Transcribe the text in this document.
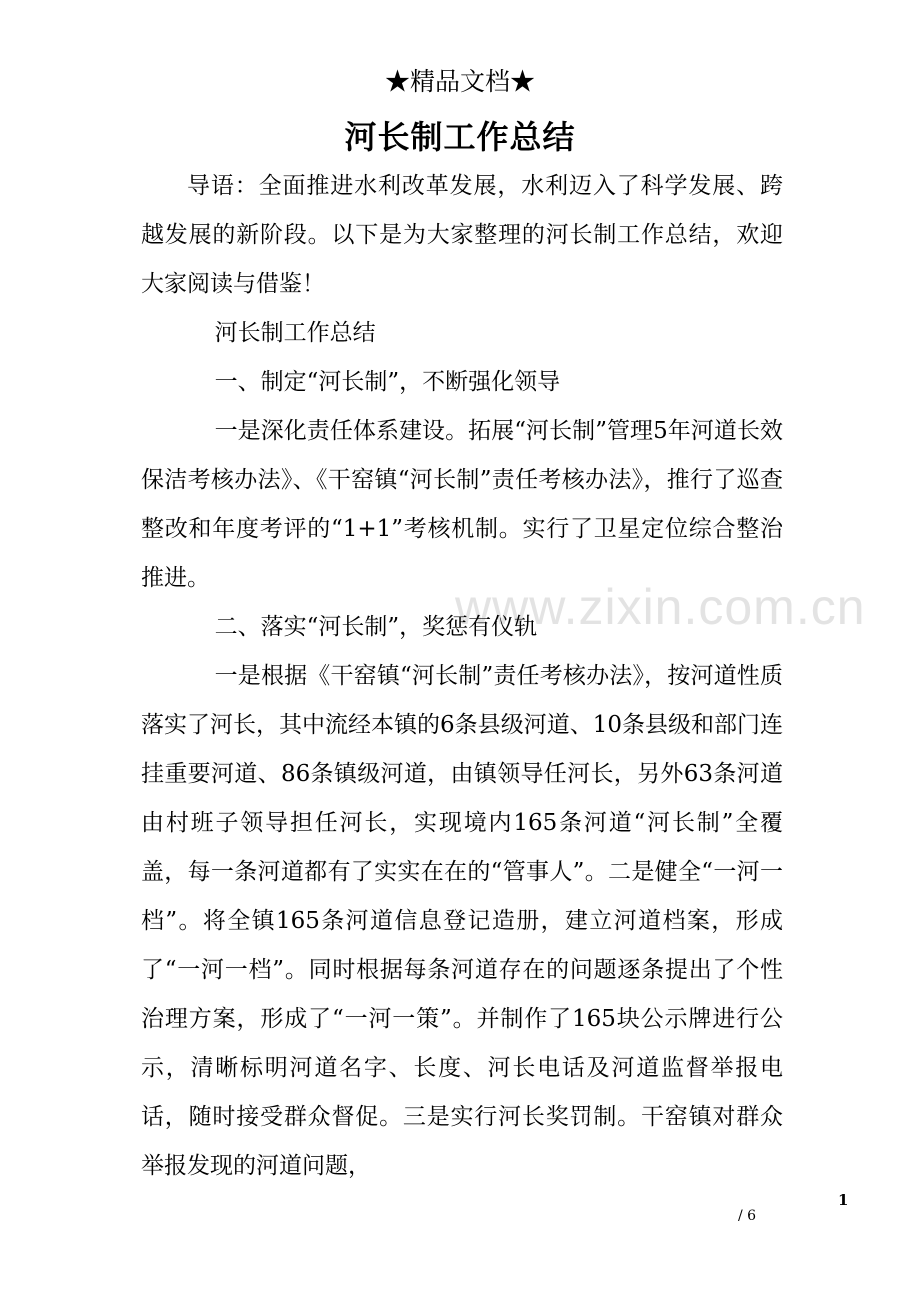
★精品文档★
河长制工作总结
www.zixin.com.cn

导语：全面推进水利改革发展，水利迈入了科学发展、跨越发展的新阶段。以下是为大家整理的河长制工作总结，欢迎大家阅读与借鉴！

河长制工作总结

一、制定“河长制”，不断强化领导

一是深化责任体系建设。拓展“河长制”管理5年河道长效保洁考核办法》、《干窑镇“河长制”责任考核办法》，推行了巡查整改和年度考评的“1+1”考核机制。实行了卫星定位综合整治推进。

二、落实“河长制”，奖惩有仪轨

一是根据《干窑镇“河长制”责任考核办法》，按河道性质落实了河长，其中流经本镇的6条县级河道、10条县级和部门连挂重要河道、86条镇级河道，由镇领导任河长，另外63条河道由村班子领导担任河长，实现境内165条河道“河长制”全覆盖，每一条河道都有了实实在在的“管事人”。二是健全“一河一档”。将全镇165条河道信息登记造册，建立河道档案，形成了“一河一档”。同时根据每条河道存在的问题逐条提出了个性治理方案，形成了“一河一策”。并制作了165块公示牌进行公示，清晰标明河道名字、长度、河长电话及河道监督举报电话，随时接受群众督促。三是实行河长奖罚制。干窑镇对群众举报发现的河道问题，

1
/ 6
